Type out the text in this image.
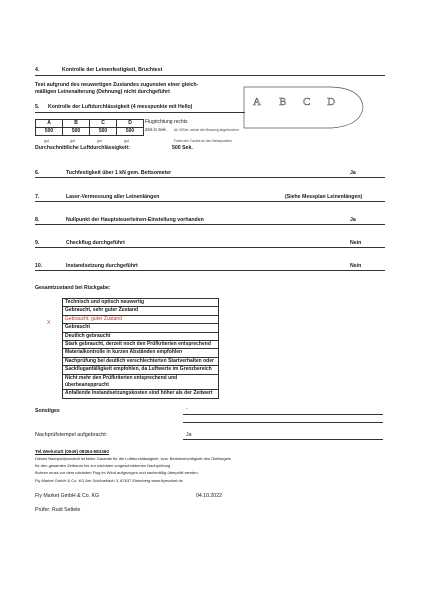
4.	Kontrolle der Leinenfestigkeit, Bruchtest
Test aufgrund des neuwertigen Zustandes zugunsten einer gleich-
mäßigen Leinenalterung (Dehnung) nicht durchgeführt
5. Kontrolle der Luftdurchlässigkeit (4 messpunkte mit Hello)
A	B	C	D
500	500	500	500
gut	gut	gut	gut
Flugrichtung rechts
Zeit in Sek. Ab 30Sek. wurde die Messung abgebrochen
Farbe des Tuches an den Messpunkten
Durchschnittliche Luftdurchlässigkeit:	500 Sek.
A B C D
6.	Tuchfestigkeit über 1 kN gem. Bettsometer	Ja
7.	Laser-Vermessung aller Leinenlängen	(Siehe Messplan Leinenlängen)
8.	Nullpunkt der Hauptsteuerleinen-Einstellung vorhanden	Ja
9.	Checkflug durchgeführt	Nein
10.	Instandsetzung durchgeführt	Nein
Gesamtzustand bei Rückgabe:
X
Technisch und optisch neuwertig
Gebraucht, sehr guter Zustand
Gebraucht, guter Zustand
Gebraucht
Deutlich gebraucht
Stark gebraucht, derzeit noch den Prüfkriterien entsprechend
Materialkontrolle in kurzen Abständen empfohlen
Nachprüfung bei deutlich verschlechterten Startverhalten oder
Sackfluganfälligkeit empfohlen, da Luftwerte im Grenzbereich
Nicht mehr den Prüfkriterien entsprechend und überbeanspprucht
Anfallende Instandsetzungskosten sind höher als der Zeitwert
Sonstiges	-
Nachprüfstempel aufgebracht:	Ja
Tel.Werkstatt (0049) 08364-983360
Dieses Nachprüfprotokoll ist keine Garantie für die Luftdurchlässigkeit, bzw. Betriebstüchtigkeit des Gleitsegels
für den gesamten Zeitraum bis zur nächsten vorgeschriebenen Nachprüfung
Bohren muss vor dem nächsten Flug im Wind aufgezogen und sachmäßig überprüft werden.
Fly Market GmbH & Co. KG Am Schönebach 3, 87637 Eisenberg www.flymarket.de
Fly Market GmbH & Co. KG	04.10.2022
Prüfer: Rudi Settele
